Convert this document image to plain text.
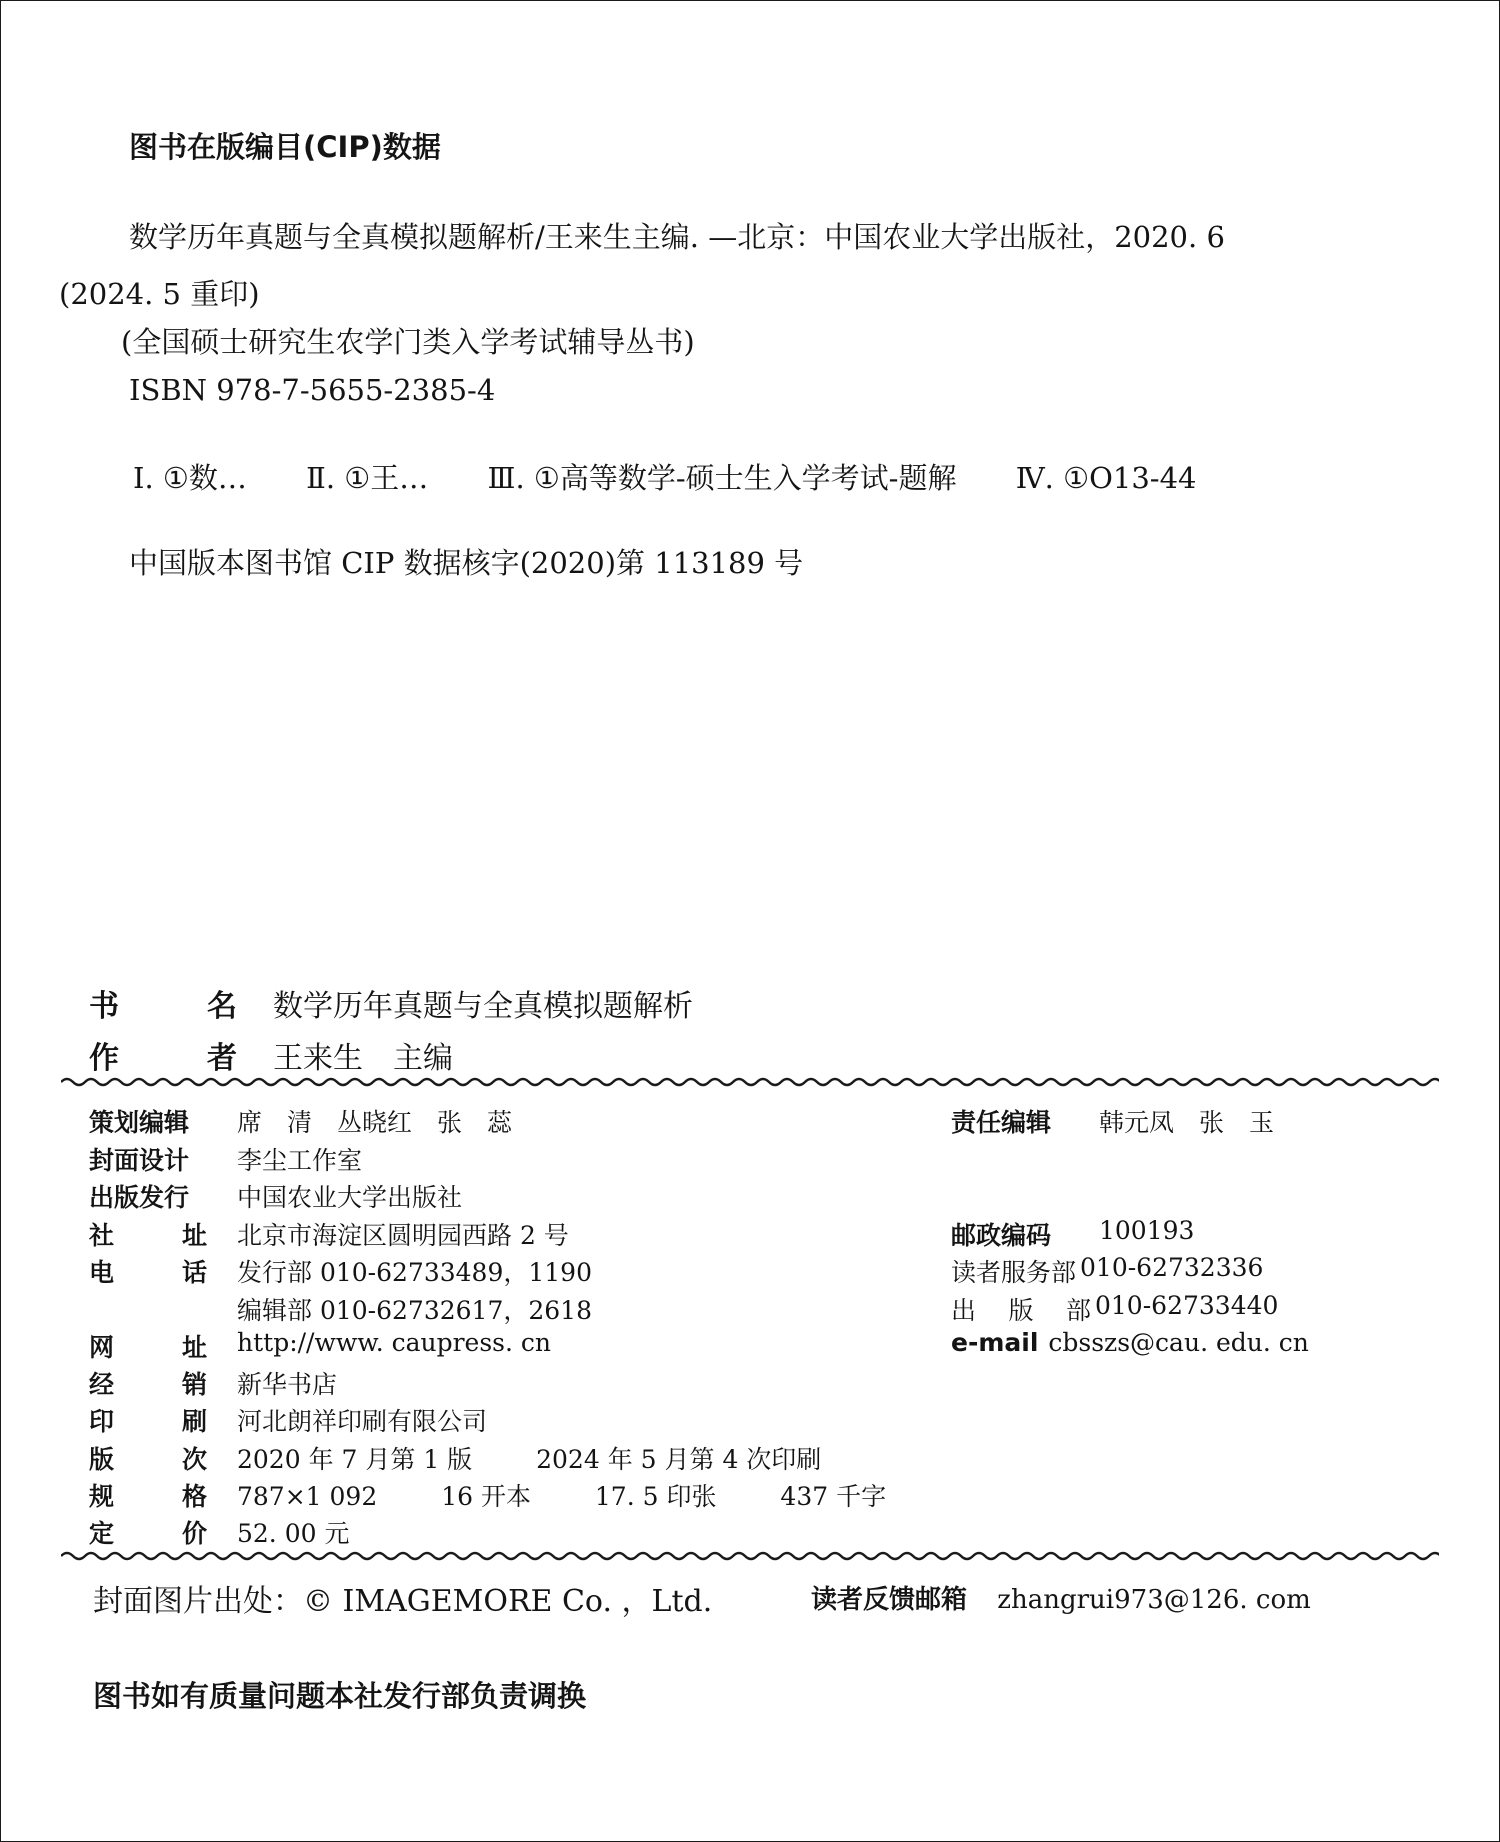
图书在版编目(CIP)数据
数学历年真题与全真模拟题解析/王来生主编. —北京：中国农业大学出版社，2020. 6
(2024. 5 重印)
(全国硕士研究生农学门类入学考试辅导丛书)
ISBN 978-7-5655-2385-4
Ⅰ. ①数… Ⅱ. ①王… Ⅲ. ①高等数学-硕士生入学考试-题解 Ⅳ. ①O13-44
中国版本图书馆 CIP 数据核字(2020)第 113189 号
书	名 数学历年真题与全真模拟题解析
作	者 王来生　主编
策划编辑	席　清　丛晓红　张　蕊	责任编辑	韩元凤　张　玉
封面设计	李尘工作室
出版发行	中国农业大学出版社
社	址 北京市海淀区圆明园西路 2 号	邮政编码	100193
电	话 发行部 010-62733489，1190	读者服务部 010-62732336
编辑部 010-62732617，2618	出 版 部 010-62733440
网	址 http://www. caupress. cn	e-mail cbsszs@cau. edu. cn
经	销 新华书店
印	刷 河北朗祥印刷有限公司
版	次 2020 年 7 月第 1 版	2024 年 5 月第 4 次印刷
规	格 787×1 092	16 开本	17. 5 印张	437 千字
定	价 52. 00 元
封面图片出处：© IMAGEMORE Co. ，Ltd.	读者反馈邮箱 zhangrui973@126. com
图书如有质量问题本社发行部负责调换
